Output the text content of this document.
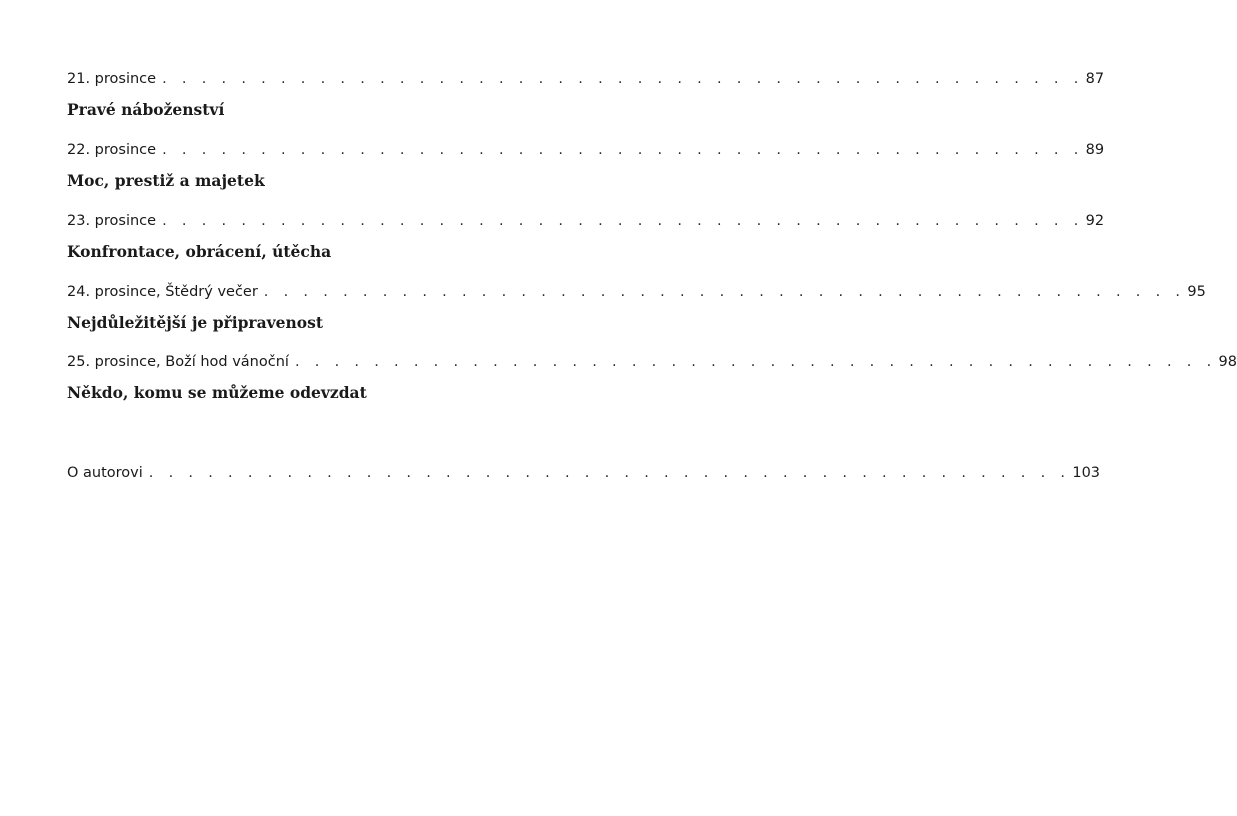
21. prosince . . . . . . . . . . . . . . . . . . . . . . . . . . . . . . . . . . . . . . . . . . . . . . . 87
Pravé náboženství
22. prosince . . . . . . . . . . . . . . . . . . . . . . . . . . . . . . . . . . . . . . . . . . . . . . . 89
Moc, prestiž a majetek
23. prosince . . . . . . . . . . . . . . . . . . . . . . . . . . . . . . . . . . . . . . . . . . . . . . . 92
Konfrontace, obrácení, útěcha
24. prosince, Štědrý večer . . . . . . . . . . . . . . . . . . . . . . . . . . . . . . . . . . . . . . . . . . . . . . . 95
Nejdůležitější je připravenost
25. prosince, Boží hod vánoční . . . . . . . . . . . . . . . . . . . . . . . . . . . . . . . . . . . . . . . . . . . . . . . 98
Někdo, komu se můžeme odevzdat
O autorovi . . . . . . . . . . . . . . . . . . . . . . . . . . . . . . . . . . . . . . . . . . . . . . . 103
